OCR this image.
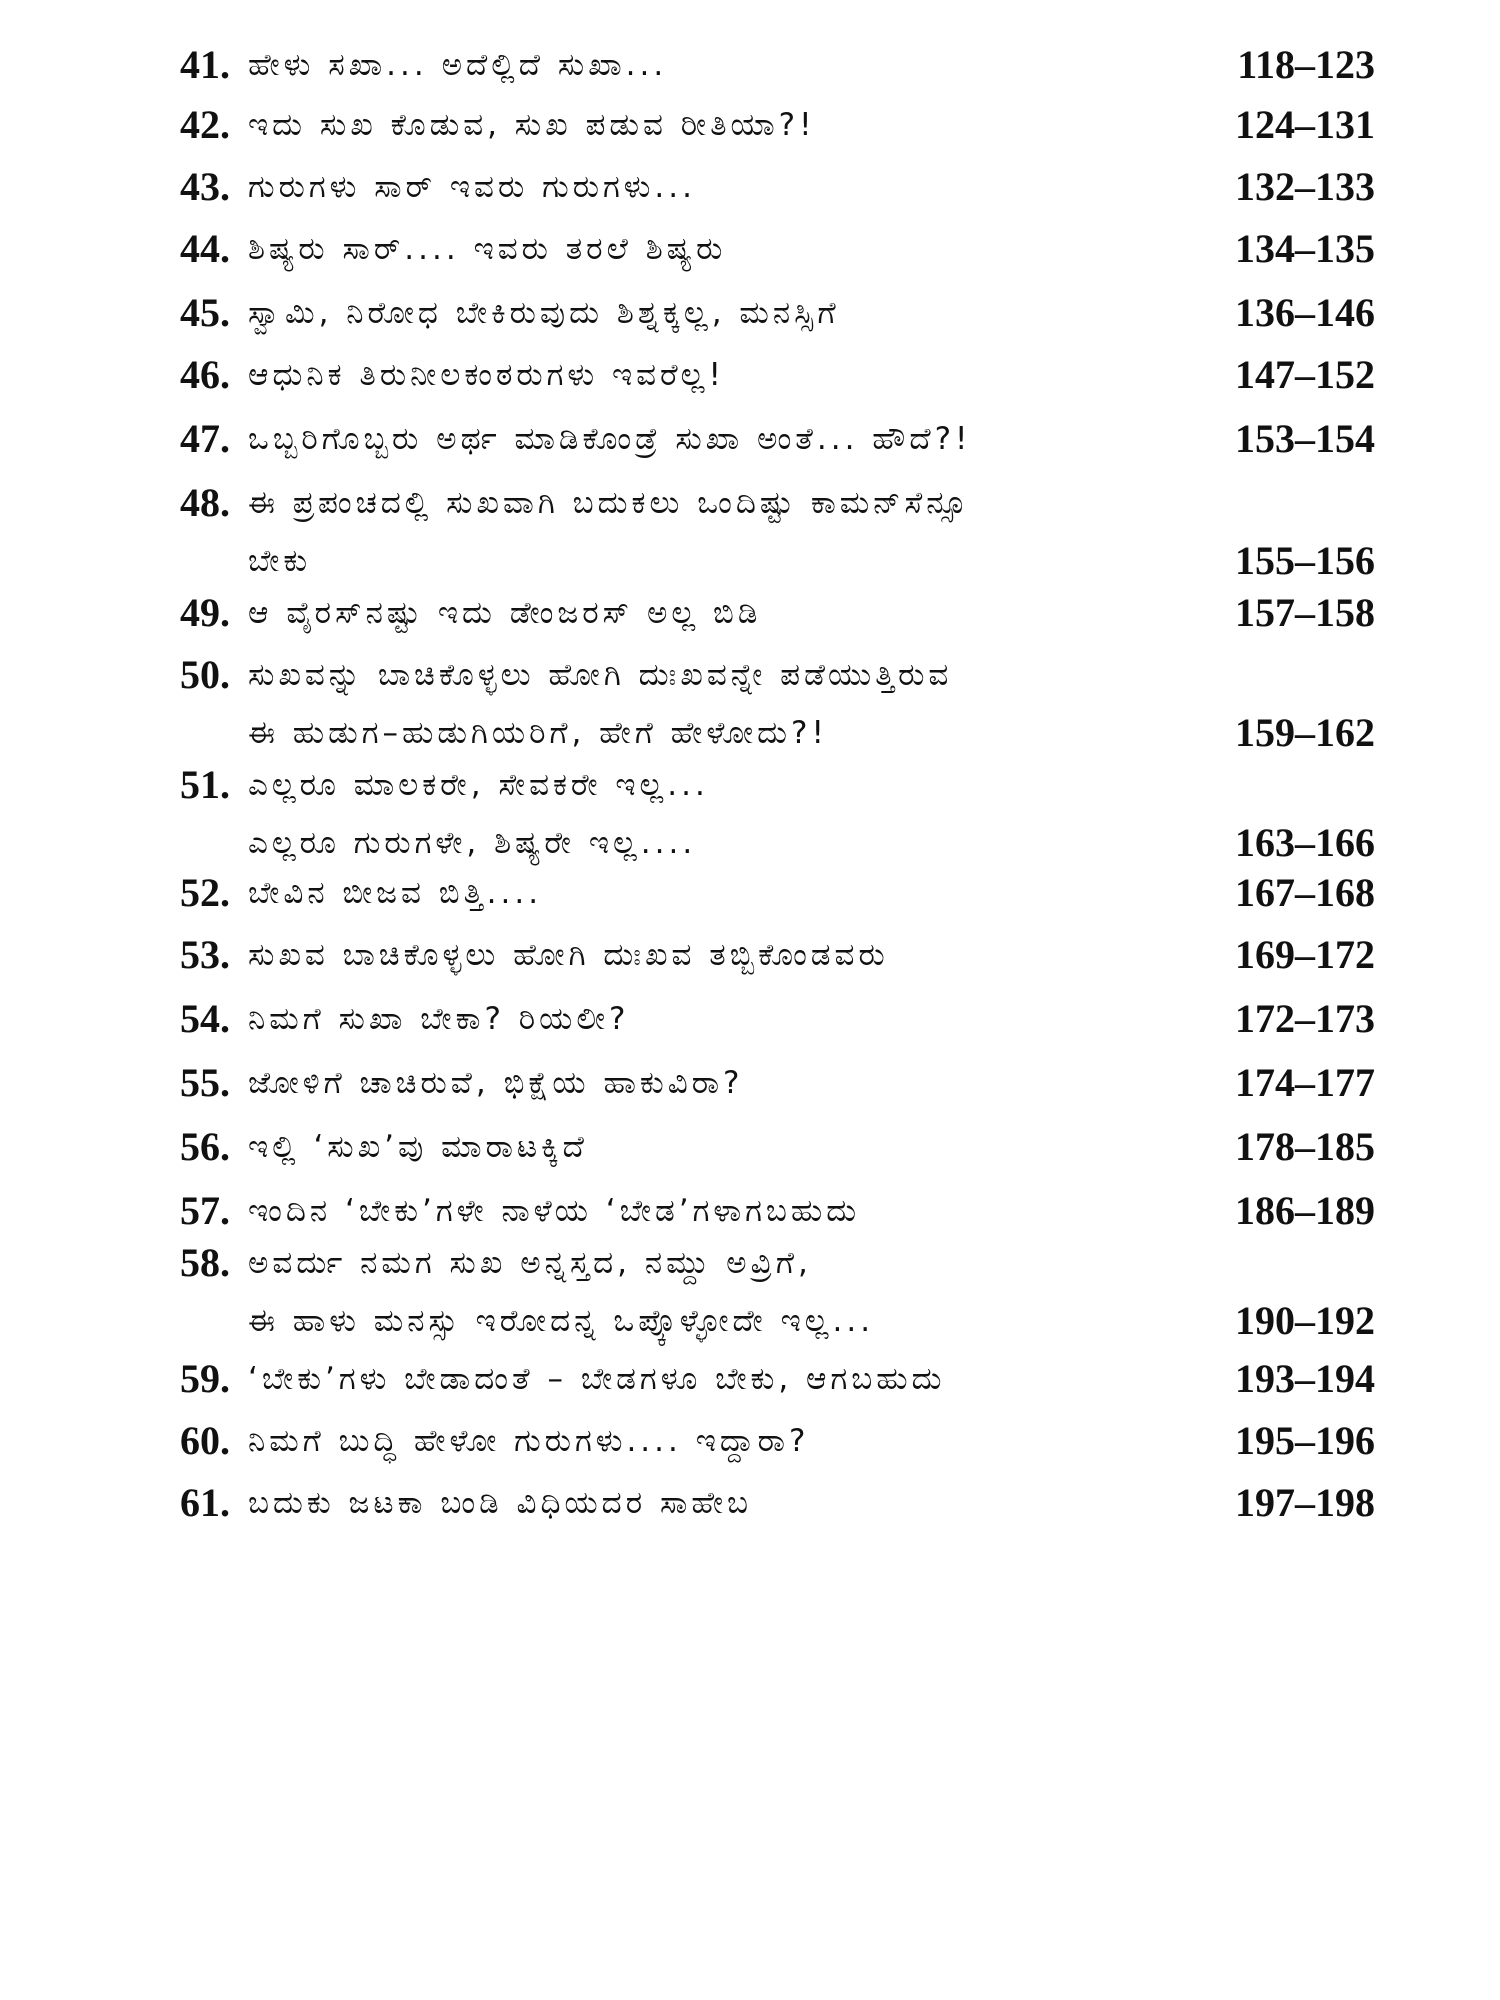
41. ಹೇಳು ಸಖಾ... ಅದೆಲ್ಲಿದೆ ಸುಖಾ...	118–123
42. ಇದು ಸುಖ ಕೊಡುವ, ಸುಖ ಪಡುವ ರೀತಿಯಾ?!	124–131
43. ಗುರುಗಳು ಸಾರ್ ಇವರು ಗುರುಗಳು...	132–133
44. ಶಿಷ್ಯರು ಸಾರ್.... ಇವರು ತರಲೆ ಶಿಷ್ಯರು	134–135
45. ಸ್ವಾಮಿ, ನಿರೋಧ ಬೇಕಿರುವುದು ಶಿಶ್ನಕ್ಕಲ್ಲ, ಮನಸ್ಸಿಗೆ	136–146
46. ಆಧುನಿಕ ತಿರುನೀಲಕಂಠರುಗಳು ಇವರೆಲ್ಲ!	147–152
47. ಒಬ್ಬರಿಗೊಬ್ಬರು ಅರ್ಥ ಮಾಡಿಕೊಂಡ್ರೆ ಸುಖಾ ಅಂತೆ... ಹೌದೆ?!	153–154
48. ಈ ಪ್ರಪಂಚದಲ್ಲಿ ಸುಖವಾಗಿ ಬದುಕಲು ಒಂದಿಷ್ಟು ಕಾಮನ್‌ಸೆನ್ಸೂ
ಬೇಕು	155–156
49. ಆ ವೈರಸ್‌ನಷ್ಟು ಇದು ಡೇಂಜರಸ್ ಅಲ್ಲ ಬಿಡಿ	157–158
50. ಸುಖವನ್ನು ಬಾಚಿಕೊಳ್ಳಲು ಹೋಗಿ ದುಃಖವನ್ನೇ ಪಡೆಯುತ್ತಿರುವ
ಈ ಹುಡುಗ–ಹುಡುಗಿಯರಿಗೆ, ಹೇಗೆ ಹೇಳೋದು?!	159–162
51. ಎಲ್ಲರೂ ಮಾಲಕರೇ, ಸೇವಕರೇ ಇಲ್ಲ...
ಎಲ್ಲರೂ ಗುರುಗಳೇ, ಶಿಷ್ಯರೇ ಇಲ್ಲ....	163–166
52. ಬೇವಿನ ಬೀಜವ ಬಿತ್ತಿ....	167–168
53. ಸುಖವ ಬಾಚಿಕೊಳ್ಳಲು ಹೋಗಿ ದುಃಖವ ತಬ್ಬಿಕೊಂಡವರು	169–172
54. ನಿಮಗೆ ಸುಖಾ ಬೇಕಾ? ರಿಯಲೀ?	172–173
55. ಜೋಳಿಗೆ ಚಾಚಿರುವೆ, ಭಿಕ್ಷೆಯ ಹಾಕುವಿರಾ?	174–177
56. ಇಲ್ಲಿ ‘ಸುಖ’ವು ಮಾರಾಟಕ್ಕಿದೆ	178–185
57. ಇಂದಿನ ‘ಬೇಕು’ಗಳೇ ನಾಳೆಯ ‘ಬೇಡ’ಗಳಾಗಬಹುದು	186–189
58. ಅವರ್ದು ನಮಗ ಸುಖ ಅನ್ನಸ್ತದ, ನಮ್ದು ಅವ್ರಿಗೆ,
ಈ ಹಾಳು ಮನಸ್ಸು ಇರೋದನ್ನ ಒಪ್ಕೊಳ್ಳೋದೇ ಇಲ್ಲ...	190–192
59. ‘ಬೇಕು’ಗಳು ಬೇಡಾದಂತೆ – ಬೇಡಗಳೂ ಬೇಕು, ಆಗಬಹುದು	193–194
60. ನಿಮಗೆ ಬುದ್ಧಿ ಹೇಳೋ ಗುರುಗಳು.... ಇದ್ದಾರಾ?	195–196
61. ಬದುಕು ಜಟಕಾ ಬಂಡಿ ವಿಧಿಯದರ ಸಾಹೇಬ	197–198
